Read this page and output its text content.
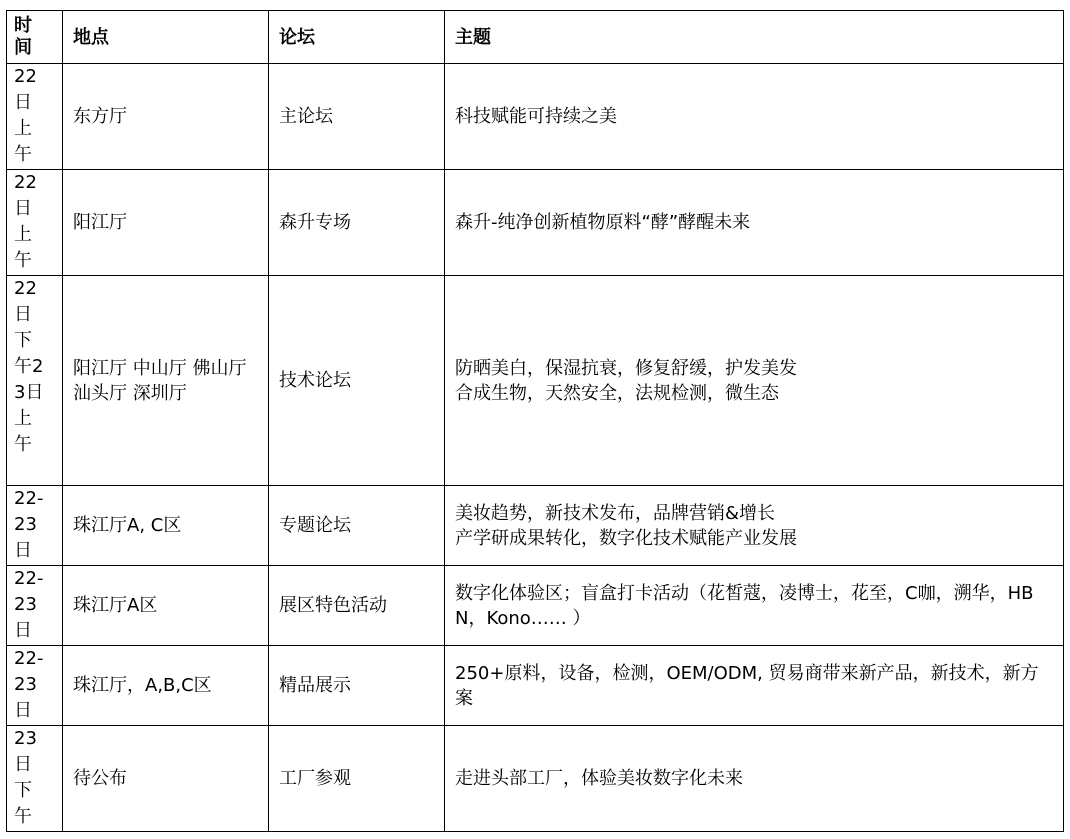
时间	地点	论坛	主题

22日上午	东方厅	主论坛	科技赋能可持续之美

22日上午	阳江厅	森升专场	森升-纯净创新植物原料“酵”酵醒未来

22日下午23日上午	阳江厅 中山厅 佛山厅 汕头厅 深圳厅	技术论坛	防晒美白，保湿抗衰，修复舒缓，护发美发
合成生物，天然安全，法规检测，微生态

22-23日	珠江厅A, C区	专题论坛	美妆趋势，新技术发布，品牌营销&增长
产学研成果转化，数字化技术赋能产业发展

22-23日	珠江厅A区	展区特色活动	数字化体验区；盲盒打卡活动（花皙蔻，凌博士，花至，C咖，溯华，HBN，Kono…… ）

22-23日	珠江厅，A,B,C区	精品展示	250+原料，设备，检测，OEM/ODM, 贸易商带来新产品，新技术，新方案

23日下午	待公布	工厂参观	走进头部工厂，体验美妆数字化未来
